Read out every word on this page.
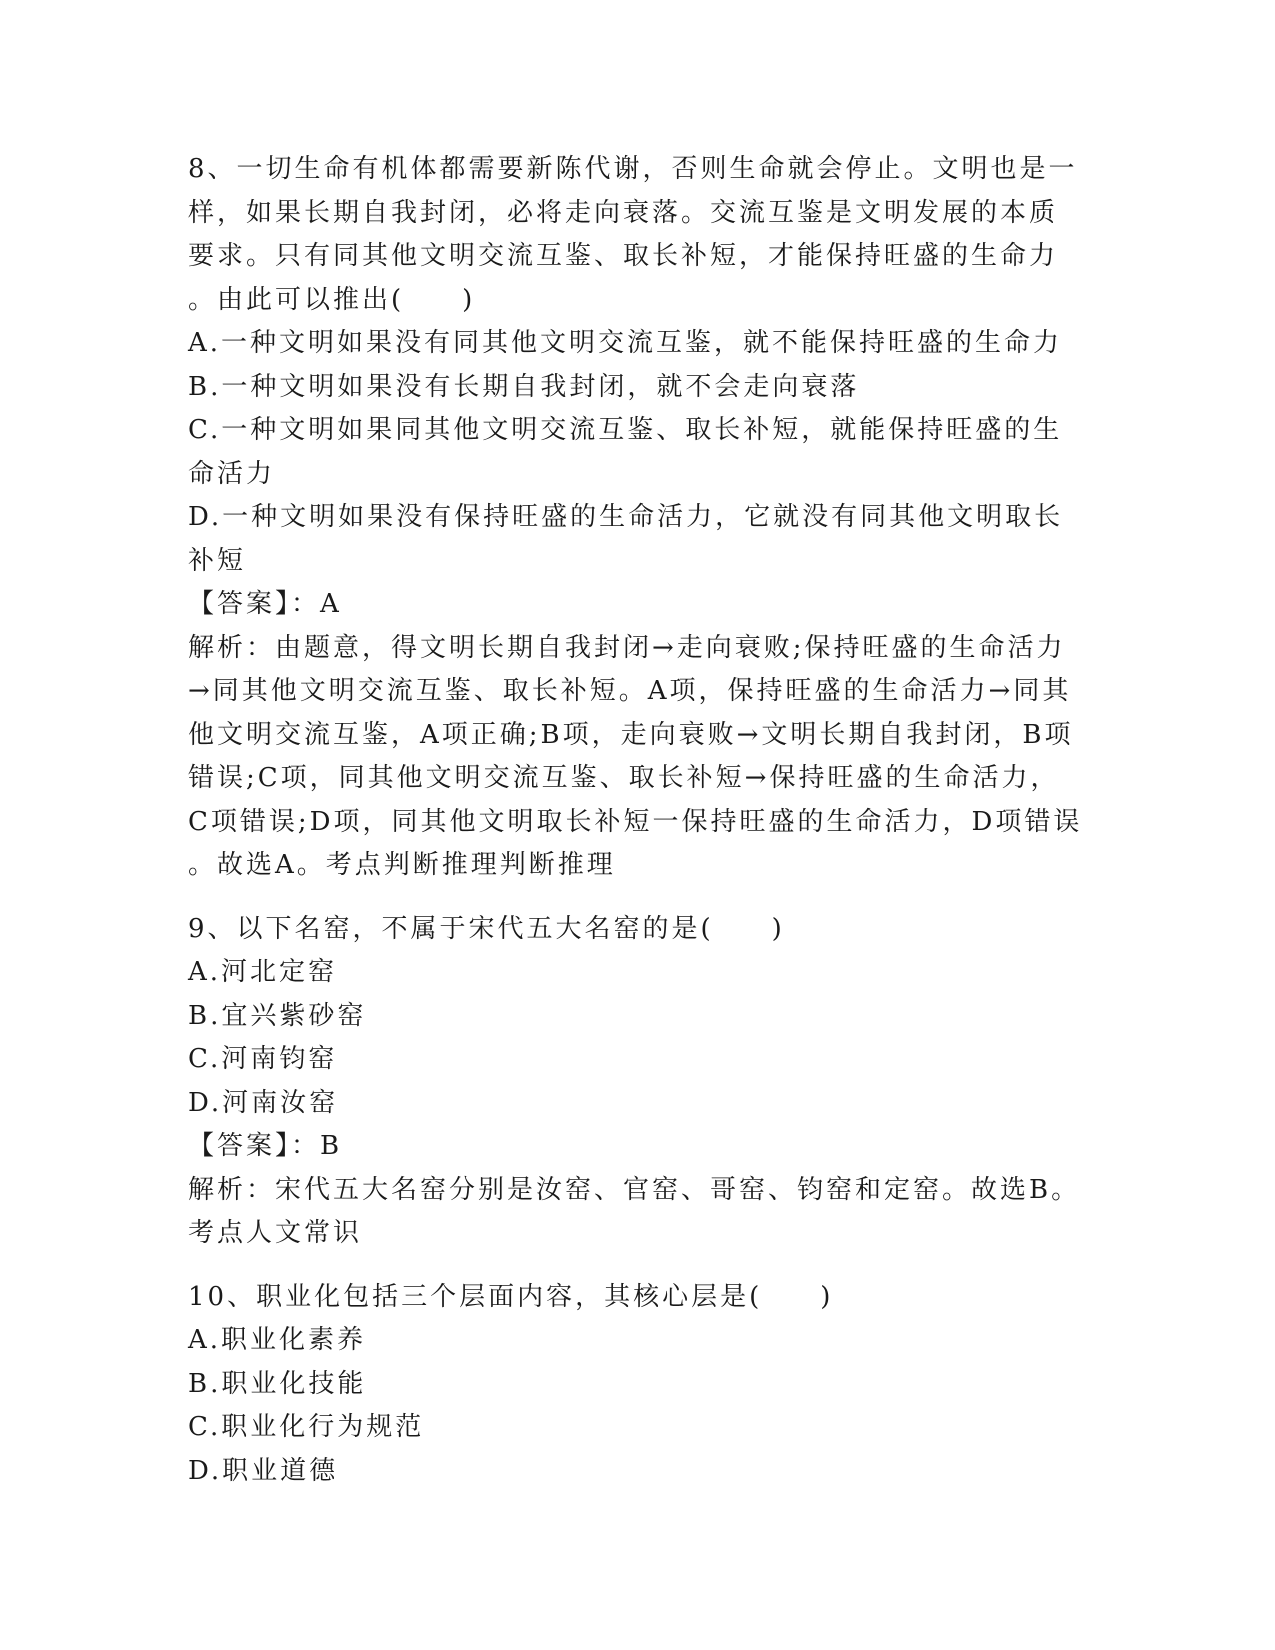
8、一切生命有机体都需要新陈代谢，否则生命就会停止。文明也是一

样，如果长期自我封闭，必将走向衰落。交流互鉴是文明发展的本质

要求。只有同其他文明交流互鉴、取长补短，才能保持旺盛的生命力

。由此可以推出(　　)

A.一种文明如果没有同其他文明交流互鉴，就不能保持旺盛的生命力

B.一种文明如果没有长期自我封闭，就不会走向衰落

C.一种文明如果同其他文明交流互鉴、取长补短，就能保持旺盛的生

命活力

D.一种文明如果没有保持旺盛的生命活力，它就没有同其他文明取长

补短

【答案】：A

解析：由题意，得文明长期自我封闭→走向衰败;保持旺盛的生命活力

→同其他文明交流互鉴、取长补短。A项，保持旺盛的生命活力→同其

他文明交流互鉴，A项正确;B项，走向衰败→文明长期自我封闭，B项

错误;C项，同其他文明交流互鉴、取长补短→保持旺盛的生命活力，

C项错误;D项，同其他文明取长补短一保持旺盛的生命活力，D项错误

。故选A。考点判断推理判断推理

9、以下名窑，不属于宋代五大名窑的是(　　)

A.河北定窑

B.宜兴紫砂窑

C.河南钧窑

D.河南汝窑

【答案】：B

解析：宋代五大名窑分别是汝窑、官窑、哥窑、钧窑和定窑。故选B。

考点人文常识

10、职业化包括三个层面内容，其核心层是(　　)

A.职业化素养

B.职业化技能

C.职业化行为规范

D.职业道德
